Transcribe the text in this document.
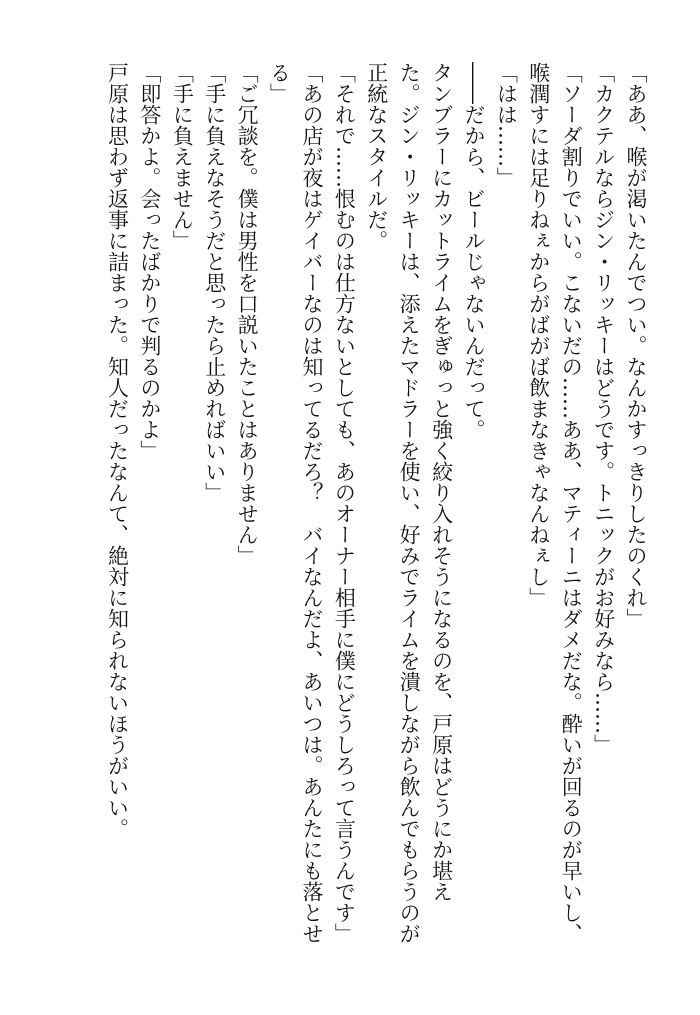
「ああ、喉が渇いたんでつい。なんかすっきりしたのくれ」
「カクテルならジン・リッキーはどうです。トニックがお好みなら……」
「ソーダ割りでいい。こないだの……ああ、マティーニはダメだな。酔いが回るのが早いし、
喉潤すには足りねぇからがばがば飲まなきゃなんねぇし」
「はは……」
――だから、ビールじゃないんだって。
タンブラーにカットライムをぎゅっと強く絞り入れそうになるのを、戸原はどうにか堪え
た。ジン・リッキーは、添えたマドラーを使い、好みでライムを潰しながら飲んでもらうのが
正統なスタイルだ。
「それで……恨むのは仕方ないとしても、あのオーナー相手に僕にどうしろって言うんです」
「あの店が夜はゲイバーなのは知ってるだろ？　バイなんだよ、あいつは。あんたにも落とせ
る」
「ご冗談を。僕は男性を口説いたことはありません」
「手に負えなそうだと思ったら止めればいい」
「手に負えません」
「即答かよ。会ったばかりで判るのかよ」
戸原は思わず返事に詰まった。知人だったなんて、絶対に知られないほうがいい。
